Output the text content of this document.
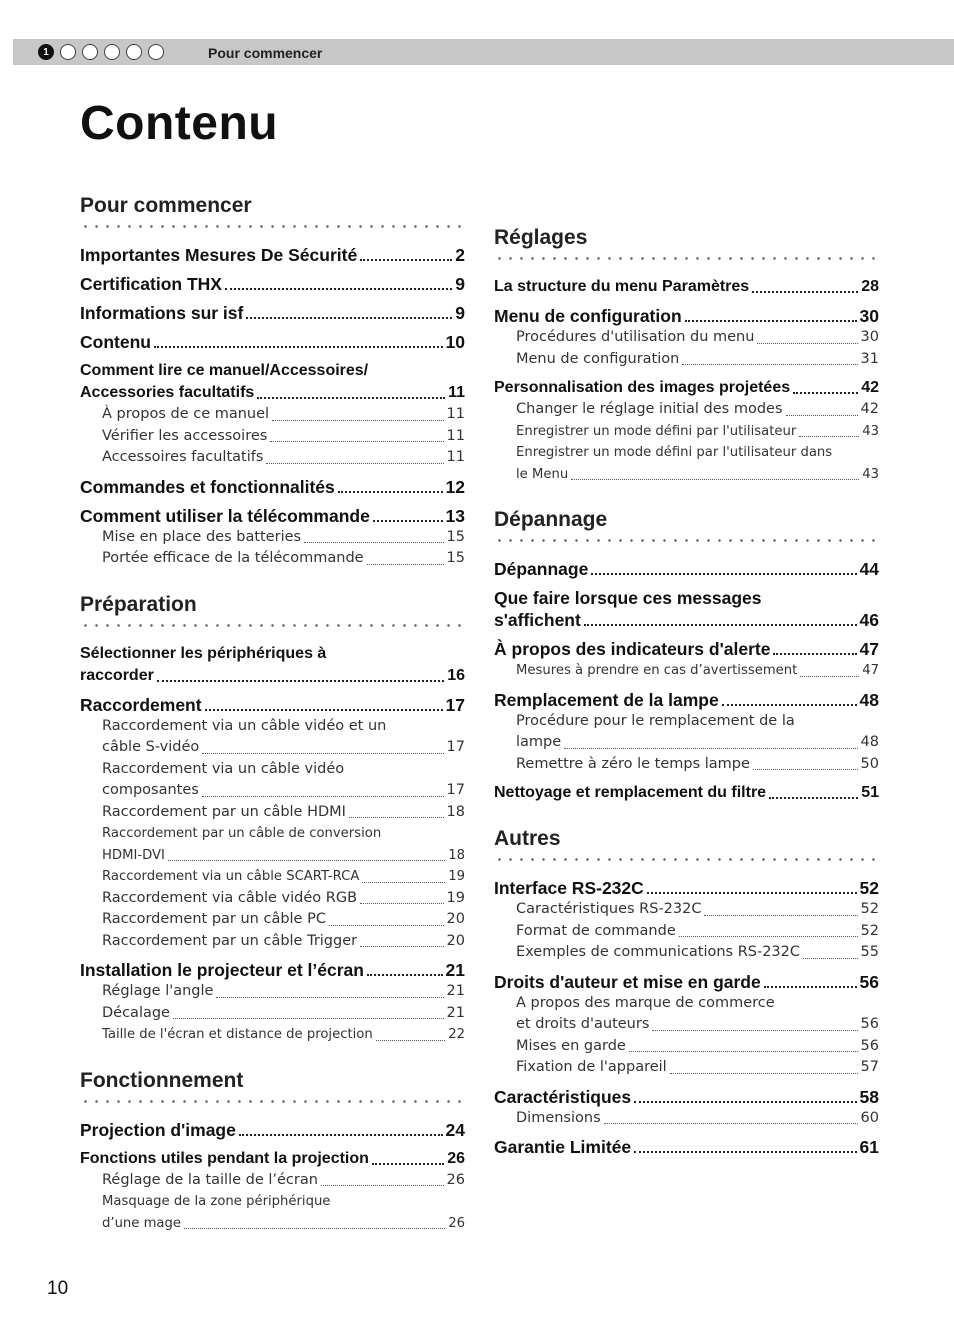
1	Pour commencer
Contenu
Pour commencer
Importantes Mesures De Sécurité	2
Certification THX	9
Informations sur isf	9
Contenu	10
Comment lire ce manuel/Accessoires/
Accessories facultatifs	11
À propos de ce manuel	11
Vérifier les accessoires	11
Accessoires facultatifs	11
Commandes et fonctionnalités	12
Comment utiliser la télécommande	13
Mise en place des batteries	15
Portée efficace de la télécommande	15
Préparation
Sélectionner les périphériques à
raccorder	16
Raccordement	17
Raccordement via un câble vidéo et un
câble S-vidéo	17
Raccordement via un câble vidéo
composantes	17
Raccordement par un câble HDMI	18
Raccordement par un câble de conversion
HDMI-DVI	18
Raccordement via un câble SCART-RCA	19
Raccordement via câble vidéo RGB	19
Raccordement par un câble PC	20
Raccordement par un câble Trigger	20
Installation le projecteur et l’écran	21
Réglage l'angle	21
Décalage	21
Taille de l'écran et distance de projection	22
Fonctionnement
Projection d'image	24
Fonctions utiles pendant la projection	26
Réglage de la taille de l’écran	26
Masquage de la zone périphérique
d’une mage	26
Réglages
La structure du menu Paramètres	28
Menu de configuration	30
Procédures d'utilisation du menu	30
Menu de configuration	31
Personnalisation des images projetées	42
Changer le réglage initial des modes	42
Enregistrer un mode défini par l'utilisateur	43
Enregistrer un mode défini par l'utilisateur dans
le Menu	43
Dépannage
Dépannage	44
Que faire lorsque ces messages
s'affichent	46
À propos des indicateurs d'alerte	47
Mesures à prendre en cas d’avertissement	47
Remplacement de la lampe	48
Procédure pour le remplacement de la
lampe	48
Remettre à zéro le temps lampe	50
Nettoyage et remplacement du filtre	51
Autres
Interface RS-232C	52
Caractéristiques RS-232C	52
Format de commande	52
Exemples de communications RS-232C	55
Droits d'auteur et mise en garde	56
A propos des marque de commerce
et droits d'auteurs	56
Mises en garde	56
Fixation de l'appareil	57
Caractéristiques	58
Dimensions	60
Garantie Limitée	61
10
